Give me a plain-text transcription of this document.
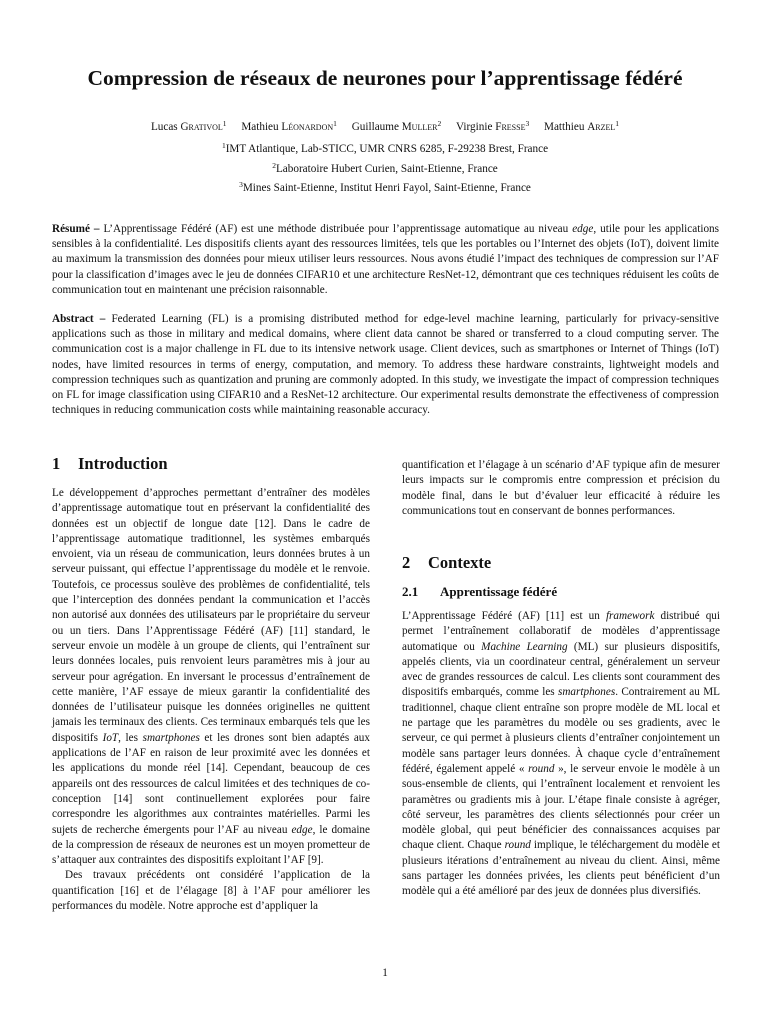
Compression de réseaux de neurones pour l’apprentissage fédéré
Lucas Grativol$^1$ Mathieu Léonardon$^1$ Guillaume Muller$^2$ Virginie Fresse$^3$ Matthieu Arzel$^1$
$^1$IMT Atlantique, Lab-STICC, UMR CNRS 6285, F-29238 Brest, France
$^2$Laboratoire Hubert Curien, Saint-Etienne, France
$^3$Mines Saint-Etienne, Institut Henri Fayol, Saint-Etienne, France
Résumé – L’Apprentissage Fédéré (AF) est une méthode distribuée pour l’apprentissage automatique au niveau edge, utile pour les applications sensibles à la confidentialité. Les dispositifs clients ayant des ressources limitées, tels que les portables ou l’Internet des objets (IoT), doivent limite au maximum la transmission des données pour mieux utiliser leurs ressources. Nous avons étudié l’impact des techniques de compression sur l’AF pour la classification d’images avec le jeu de données CIFAR10 et une architecture ResNet-12, démontrant que ces techniques réduisent les coûts de communication tout en maintenant une précision raisonnable.
Abstract – Federated Learning (FL) is a promising distributed method for edge-level machine learning, particularly for privacy-sensitive applications such as those in military and medical domains, where client data cannot be shared or transferred to a cloud computing server. The communication cost is a major challenge in FL due to its intensive network usage. Client devices, such as smartphones or Internet of Things (IoT) nodes, have limited resources in terms of energy, computation, and memory. To address these hardware constraints, lightweight models and compression techniques such as quantization and pruning are commonly adopted. In this study, we investigate the impact of compression techniques on FL for image classification using CIFAR10 and a ResNet-12 architecture. Our experimental results demonstrate the effectiveness of compression techniques in reducing communication costs while maintaining reasonable accuracy.
1 Introduction

Le développement d’approches permettant d’entraîner des modèles d’apprentissage automatique tout en préservant la confidentialité des données est un objectif de longue date [12]. Dans le cadre de l’apprentissage automatique traditionnel, les systèmes embarqués envoient, via un réseau de communication, leurs données brutes à un serveur puissant, qui effectue l’apprentissage du modèle et le renvoie. Toutefois, ce processus soulève des problèmes de confidentialité, tels que l’interception des données pendant la communication et l’accès non autorisé aux données des utilisateurs par le propriétaire du serveur ou un tiers. Dans l’Apprentissage Fédéré (AF) [11] standard, le serveur envoie un modèle à un groupe de clients, qui l’entraînent sur leurs données locales, puis renvoient leurs paramètres mis à jour au serveur pour agrégation. En inversant le processus d’entraînement de cette manière, l’AF essaye de mieux garantir la confidentialité des données de l’utilisateur puisque les données originelles ne quittent jamais les terminaux des clients. Ces terminaux embarqués tels que les dispositifs IoT, les smartphones et les drones sont bien adaptés aux applications de l’AF en raison de leur proximité avec les données et les applications du monde réel [14]. Cependant, beaucoup de ces appareils ont des ressources de calcul limitées et des techniques de co-conception [14] sont continuellement explorées pour faire correspondre les algorithmes aux contraintes matérielles. Parmi les sujets de recherche émergents pour l’AF au niveau edge, le domaine de la compression de réseaux de neurones est un moyen prometteur de s’attaquer aux contraintes des dispositifs exploitant l’AF [9].

Des travaux précédents ont considéré l’application de la quantification [16] et de l’élagage [8] à l’AF pour améliorer les performances du modèle. Notre approche est d’appliquer la

quantification et l’élagage à un scénario d’AF typique afin de mesurer leurs impacts sur le compromis entre compression et précision du modèle final, dans le but d’évaluer leur efficacité à réduire les communications tout en conservant de bonnes performances.

2 Contexte
2.1 Apprentissage fédéré

L’Apprentissage Fédéré (AF) [11] est un framework distribué qui permet l’entraînement collaboratif de modèles d’apprentissage automatique ou Machine Learning (ML) sur plusieurs dispositifs, appelés clients, via un coordinateur central, généralement un serveur avec de grandes ressources de calcul. Les clients sont couramment des dispositifs embarqués, comme les smartphones. Contrairement au ML traditionnel, chaque client entraîne son propre modèle de ML local et ne partage que les paramètres du modèle ou ses gradients, avec le serveur, ce qui permet à plusieurs clients d’entraîner conjointement un modèle sans partager leurs données. À chaque cycle d’entraînement fédéré, également appelé « round », le serveur envoie le modèle à un sous-ensemble de clients, qui l’entraînent localement et renvoient les paramètres ou gradients mis à jour. L’étape finale consiste à agréger, côté serveur, les paramètres des clients sélectionnés pour créer un modèle global, qui peut bénéficier des connaissances acquises par chaque client. Chaque round implique, le téléchargement du modèle et plusieurs itérations d’entraînement au niveau du client. Ainsi, même sans partager les données privées, les clients peut bénéficient d’un modèle qui a été amélioré par des jeux de données plus diversifiés.

1
